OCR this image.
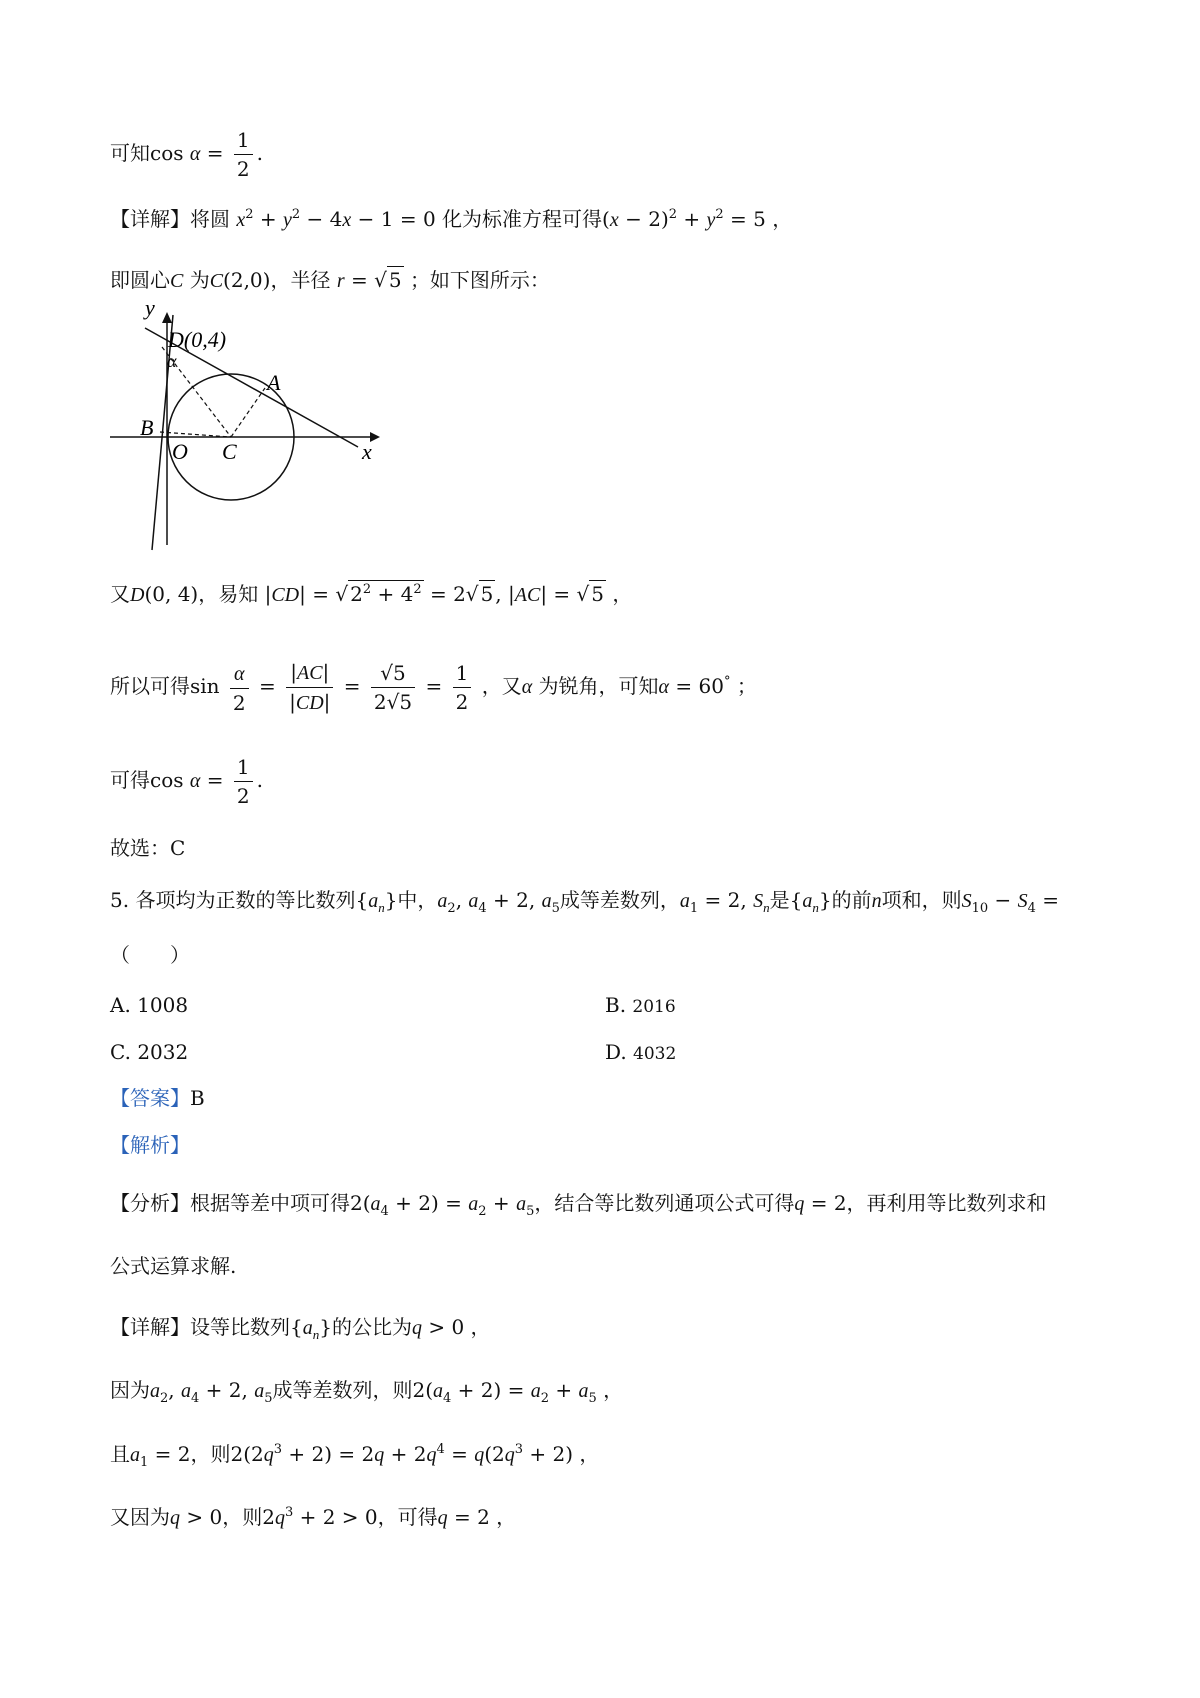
可知$\cos \alpha = \frac{1}{2}$ .
【详解】将圆 $x^2 + y^2 - 4x - 1 = 0$ 化为标准方程可得$(x - 2)^2 + y^2 = 5$ ，
即圆心C 为C(2,0)，半径 r = √ 5 ；如下图所示：
y
D(0,4)
α
A
B
O C	x
又D(0, 4)，易知 |CD| = √ $2^2 + 4^2 = 2√$ 5 , |AC| = √ 5 ，
所以可得$\sin \frac{\alpha}{2} = \frac{|AC|}{|CD|} = \frac{√5}{2√5} = \frac{1}{2}$ ，又α 为锐角，可知α = 60° ；
可得$\cos \alpha = \frac{1}{2}$ .
故选：C
5. 各项均为正数的等比数列$\{a_n\}$中，$a_2$, $a_4 + 2$, $a_5$成等差数列，$a_1 = 2$, $S_n$是$\{a_n\}$的前n项和，则$S_{10} - S_4$ =
（　　）
A. 1008	B. 2016
C. 2032	D. 4032
【答案】B
【解析】
【分析】根据等差中项可得$2(a_4 + 2) = a_2 + a_5$，结合等比数列通项公式可得q = 2，再利用等比数列求和
公式运算求解.
【详解】设等比数列$\{a_n\}$的公比为q > 0 ，
因为$a_2$, $a_4 + 2$, $a_5$成等差数列，则$2(a_4 + 2) = a_2 + a_5$ ，
且$a_1 = 2$，则$2(2q^3 + 2) = 2q + 2q^4 = q(2q^3 + 2)$ ，
又因为q > 0，则$2q^3 + 2 > 0$，可得q = 2 ，
